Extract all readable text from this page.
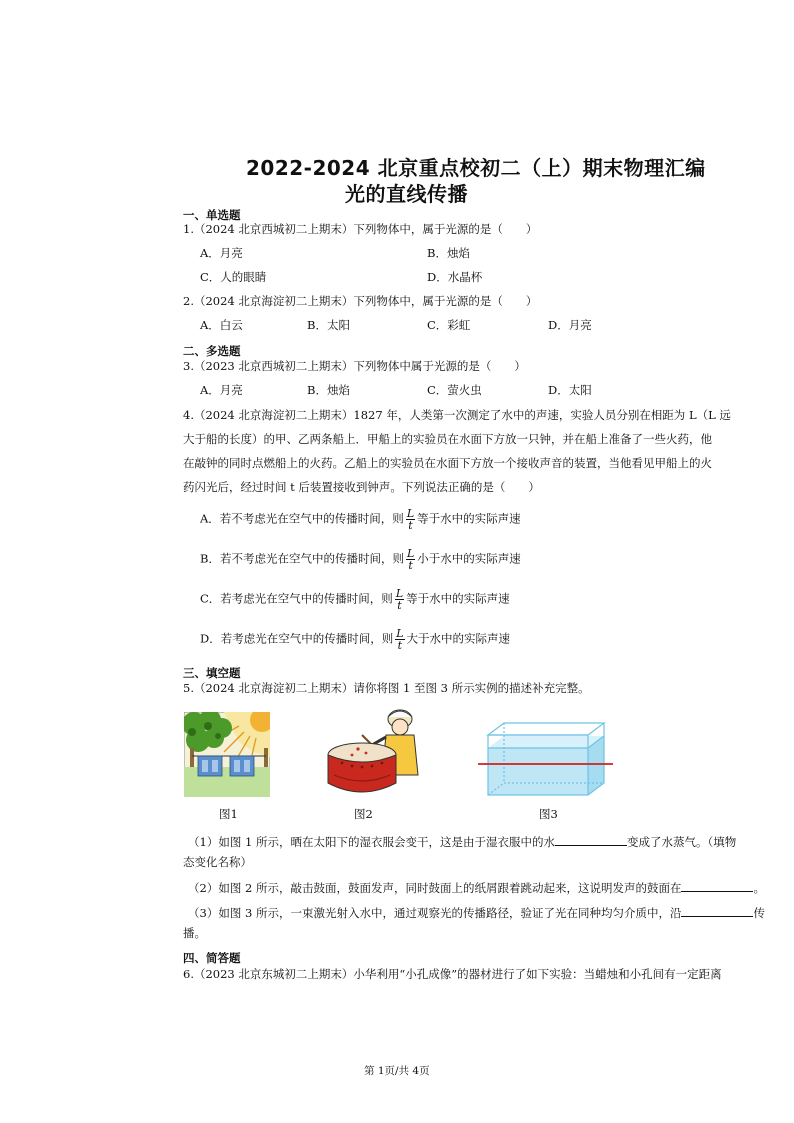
2022-2024 北京重点校初二（上）期末物理汇编
光的直线传播
一、单选题
1.（2024 北京西城初二上期末）下列物体中，属于光源的是（　　）
A．月亮	B．烛焰
C．人的眼睛	D．水晶杯
2.（2024 北京海淀初二上期末）下列物体中，属于光源的是（　　）
A．白云	B．太阳	C．彩虹	D．月亮
二、多选题
3.（2023 北京西城初二上期末）下列物体中属于光源的是（　　）
A．月亮	B．烛焰	C．萤火虫	D．太阳
4.（2024 北京海淀初二上期末）1827 年，人类第一次测定了水中的声速，实验人员分别在相距为 L（L 远
大于船的长度）的甲、乙两条船上．甲船上的实验员在水面下方放一只钟，并在船上准备了一些火药，他
在敲钟的同时点燃船上的火药。乙船上的实验员在水面下方放一个接收声音的装置，当他看见甲船上的火
药闪光后，经过时间 t 后装置接收到钟声。下列说法正确的是（　　）
A．若不考虑光在空气中的传播时间，则 $\frac{L}{t}$ 等于水中的实际声速
B．若不考虑光在空气中的传播时间，则 $\frac{L}{t}$ 小于水中的实际声速
C．若考虑光在空气中的传播时间，则 $\frac{L}{t}$ 等于水中的实际声速
D．若考虑光在空气中的传播时间，则 $\frac{L}{t}$ 大于水中的实际声速
三、填空题
5.（2024 北京海淀初二上期末）请你将图 1 至图 3 所示实例的描述补充完整。
图1	图2	图3
（1）如图 1 所示，晒在太阳下的湿衣服会变干，这是由于湿衣服中的水	变成了水蒸气。（填物
态变化名称）
（2）如图 2 所示，敲击鼓面，鼓面发声，同时鼓面上的纸屑跟着跳动起来，这说明发声的鼓面在	。
（3）如图 3 所示，一束激光射入水中，通过观察光的传播路径，验证了光在同种均匀介质中，沿	传
播。
四、简答题
6.（2023 北京东城初二上期末）小华利用“小孔成像”的器材进行了如下实验：当蜡烛和小孔间有一定距离
第 1页/共 4页
